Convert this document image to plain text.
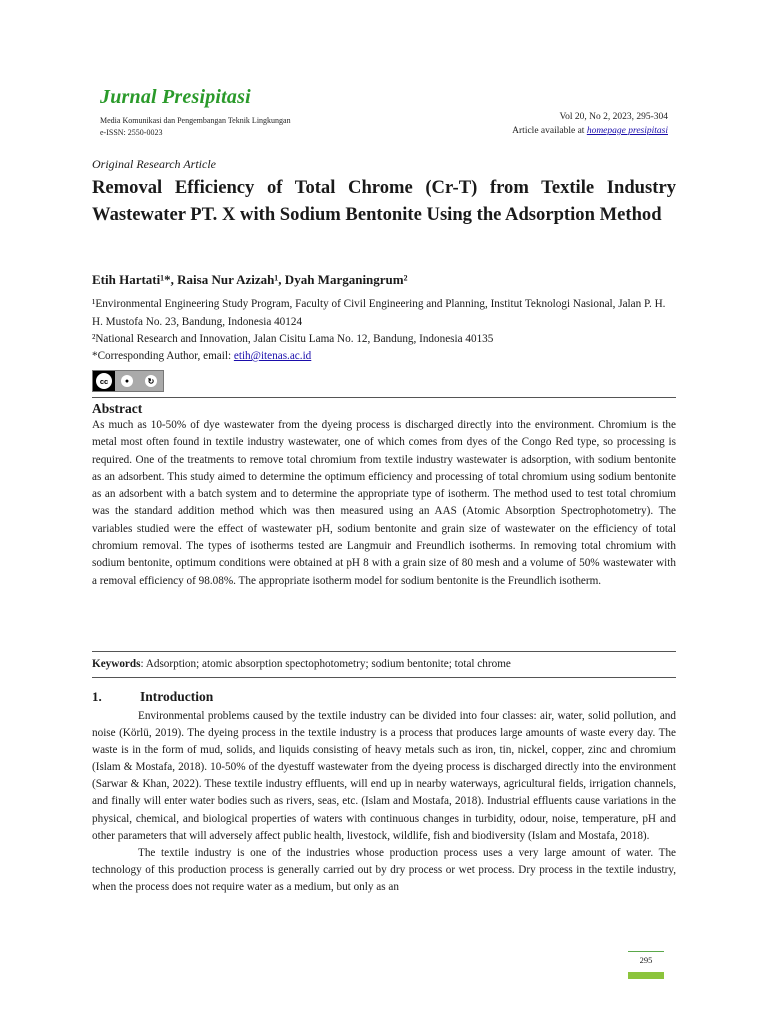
Jurnal Presipitasi
Media Komunikasi dan Pengembangan Teknik Lingkungan
e-ISSN: 2550-0023
Vol 20, No 2, 2023, 295-304
Article available at homepage presipitasi
Original Research Article
Removal Efficiency of Total Chrome (Cr-T) from Textile Industry Wastewater PT. X with Sodium Bentonite Using the Adsorption Method
Etih Hartati¹*, Raisa Nur Azizah¹, Dyah Marganingrum²
¹Environmental Engineering Study Program, Faculty of Civil Engineering and Planning, Institut Teknologi Nasional, Jalan P. H. H. Mustofa No. 23, Bandung, Indonesia 40124
²National Research and Innovation, Jalan Cisitu Lama No. 12, Bandung, Indonesia 40135
*Corresponding Author, email: etih@itenas.ac.id
cc	●	↻
Abstract
As much as 10-50% of dye wastewater from the dyeing process is discharged directly into the environment. Chromium is the metal most often found in textile industry wastewater, one of which comes from dyes of the Congo Red type, so processing is required. One of the treatments to remove total chromium from textile industry wastewater is adsorption, with sodium bentonite as an adsorbent. This study aimed to determine the optimum efficiency and processing of total chromium using sodium bentonite as an adsorbent with a batch system and to determine the appropriate type of isotherm. The method used to test total chromium was the standard addition method which was then measured using an AAS (Atomic Absorption Spectrophotometry). The variables studied were the effect of wastewater pH, sodium bentonite and grain size of wastewater on the efficiency of total chromium removal. The types of isotherms tested are Langmuir and Freundlich isotherms. In removing total chromium with sodium bentonite, optimum conditions were obtained at pH 8 with a grain size of 80 mesh and a volume of 50% wastewater with a removal efficiency of 98.08%. The appropriate isotherm model for sodium bentonite is the Freundlich isotherm.
Keywords: Adsorption; atomic absorption spectophotometry; sodium bentonite; total chrome
1.	Introduction

Environmental problems caused by the textile industry can be divided into four classes: air, water, solid pollution, and noise (Körlü, 2019). The dyeing process in the textile industry is a process that produces large amounts of waste every day. The waste is in the form of mud, solids, and liquids consisting of heavy metals such as iron, tin, nickel, copper, zinc and chromium (Islam & Mostafa, 2018). 10-50% of the dyestuff wastewater from the dyeing process is discharged directly into the environment (Sarwar & Khan, 2022). These textile industry effluents, will end up in nearby waterways, agricultural fields, irrigation channels, and finally will enter water bodies such as rivers, seas, etc. (Islam and Mostafa, 2018). Industrial effluents cause variations in the physical, chemical, and biological properties of waters with continuous changes in turbidity, odour, noise, temperature, pH and other parameters that will adversely affect public health, livestock, wildlife, fish and biodiversity (Islam and Mostafa, 2018).

The textile industry is one of the industries whose production process uses a very large amount of water. The technology of this production process is generally carried out by dry process or wet process. Dry process in the textile industry, when the process does not require water as a medium, but only as an

295
